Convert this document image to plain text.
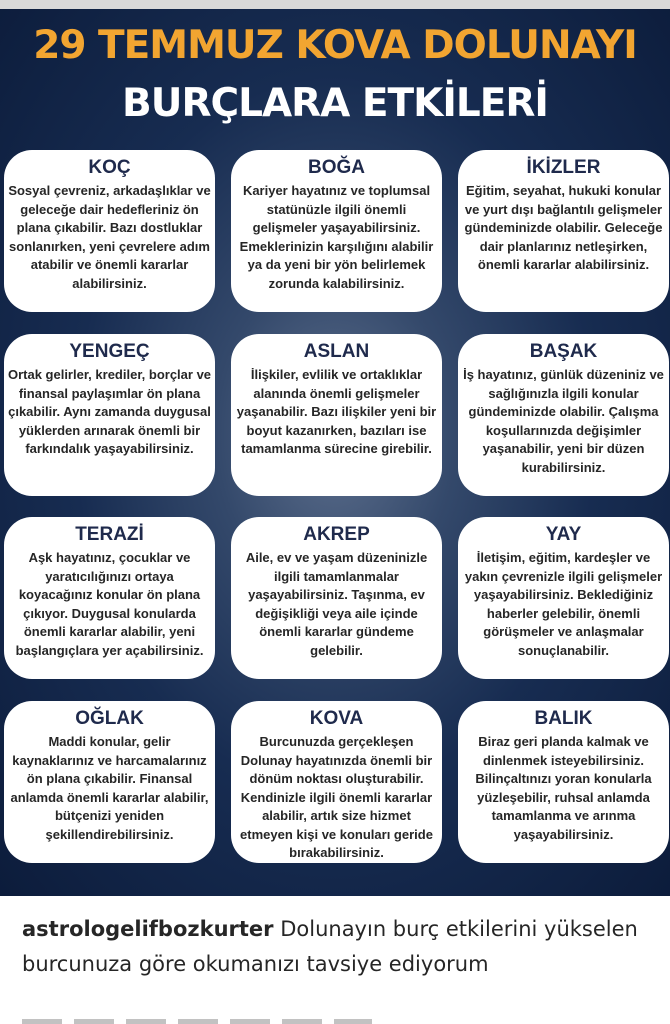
29 TEMMUZ KOVA DOLUNAYI
BURÇLARA ETKİLERİ
KOÇ

Sosyal çevreniz, arkadaşlıklar ve geleceğe dair hedefleriniz ön plana çıkabilir. Bazı dostluklar sonlanırken, yeni çevrelere adım atabilir ve önemli kararlar alabilirsiniz.

BOĞA

Kariyer hayatınız ve toplumsal statünüzle ilgili önemli gelişmeler yaşayabilirsiniz. Emeklerinizin karşılığını alabilir ya da yeni bir yön belirlemek zorunda kalabilirsiniz.

İKİZLER

Eğitim, seyahat, hukuki konular ve yurt dışı bağlantılı gelişmeler gündeminizde olabilir. Geleceğe dair planlarınız netleşirken, önemli kararlar alabilirsiniz.

YENGEÇ

Ortak gelirler, krediler, borçlar ve finansal paylaşımlar ön plana çıkabilir. Aynı zamanda duygusal yüklerden arınarak önemli bir farkındalık yaşayabilirsiniz.

ASLAN

İlişkiler, evlilik ve ortaklıklar alanında önemli gelişmeler yaşanabilir. Bazı ilişkiler yeni bir boyut kazanırken, bazıları ise tamamlanma sürecine girebilir.

BAŞAK

İş hayatınız, günlük düzeniniz ve sağlığınızla ilgili konular gündeminizde olabilir. Çalışma koşullarınızda değişimler yaşanabilir, yeni bir düzen kurabilirsiniz.

TERAZİ

Aşk hayatınız, çocuklar ve yaratıcılığınızı ortaya koyacağınız konular ön plana çıkıyor. Duygusal konularda önemli kararlar alabilir, yeni başlangıçlara yer açabilirsiniz.

AKREP

Aile, ev ve yaşam düzeninizle ilgili tamamlanmalar yaşayabilirsiniz. Taşınma, ev değişikliği veya aile içinde önemli kararlar gündeme gelebilir.

YAY

İletişim, eğitim, kardeşler ve yakın çevrenizle ilgili gelişmeler yaşayabilirsiniz. Beklediğiniz haberler gelebilir, önemli görüşmeler ve anlaşmalar sonuçlanabilir.

OĞLAK

Maddi konular, gelir kaynaklarınız ve harcamalarınız ön plana çıkabilir. Finansal anlamda önemli kararlar alabilir, bütçenizi yeniden şekillendirebilirsiniz.

KOVA

Burcunuzda gerçekleşen Dolunay hayatınızda önemli bir dönüm noktası oluşturabilir. Kendinizle ilgili önemli kararlar alabilir, artık size hizmet etmeyen kişi ve konuları geride bırakabilirsiniz.

BALIK

Biraz geri planda kalmak ve dinlenmek isteyebilirsiniz. Bilinçaltınızı yoran konularla yüzleşebilir, ruhsal anlamda tamamlanma ve arınma yaşayabilirsiniz.

astrologelifbozkurter Dolunayın burç etkilerini yükselen burcunuza göre okumanızı tavsiye ediyorum
